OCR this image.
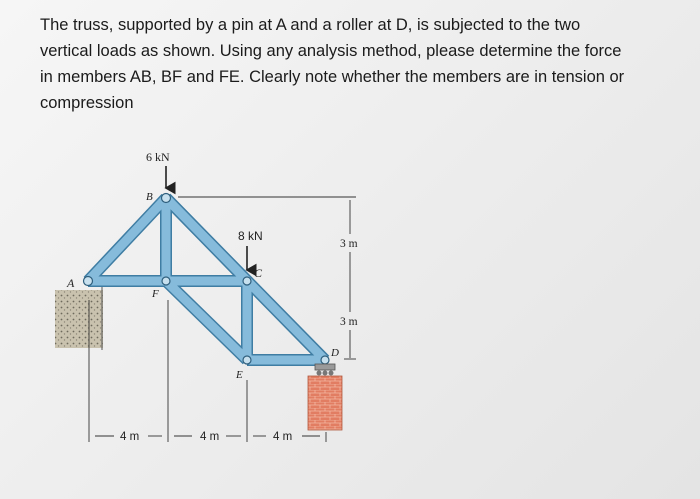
The truss, supported by a pin at A and a roller at D, is subjected to the two
vertical loads as shown. Using any analysis method, please determine the force
in members AB, BF and FE. Clearly note whether the members are in tension or
compression
6 kN
8 kN
A
B
C
D
E
F
4 m	4 m	4 m
3 m
3 m
